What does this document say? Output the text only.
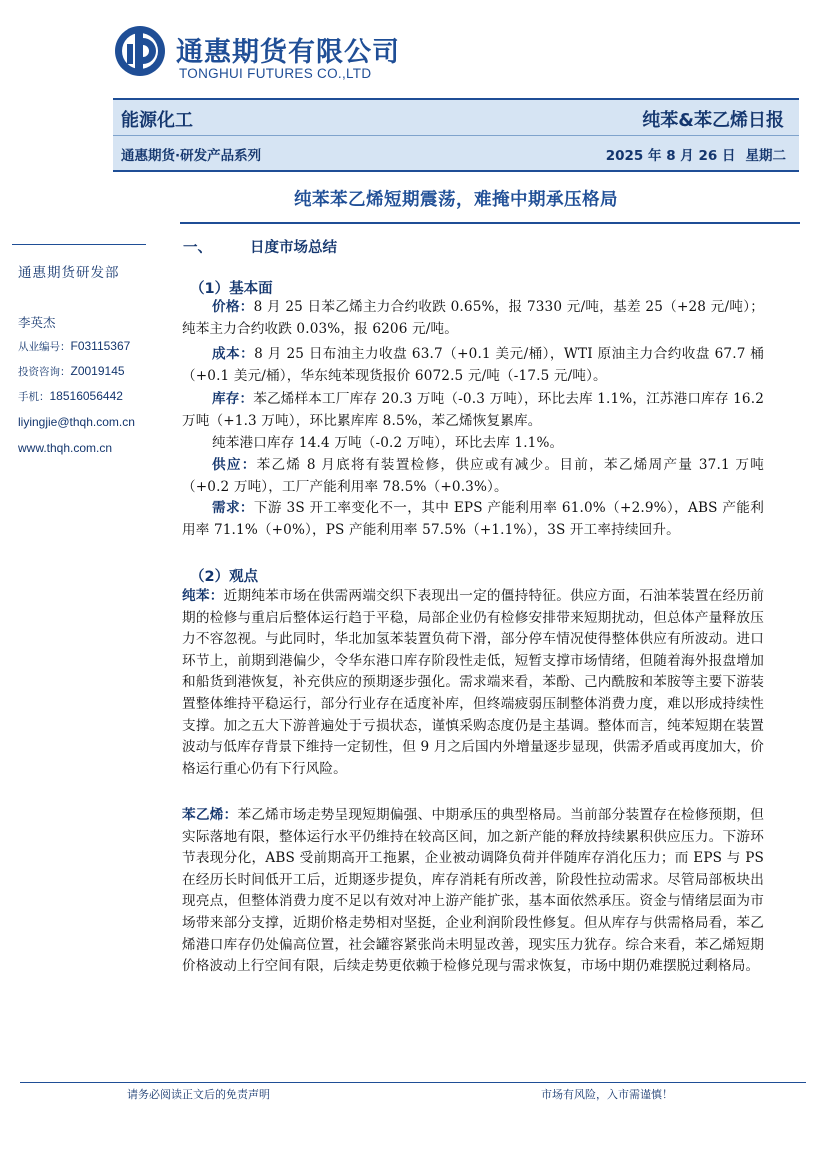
通惠期货有限公司
TONGHUI FUTURES CO.,LTD
能源化工	纯苯&苯乙烯日报
通惠期货·研发产品系列	2025 年 8 月 26 日 星期二
纯苯苯乙烯短期震荡，难掩中期承压格局
通惠期货研发部
李英杰
从业编号：F03115367
投资咨询：Z0019145
手机：18516056442
liyingjie@thqh.com.cn
www.thqh.com.cn
一、	日度市场总结
（1）基本面
价格：8 月 25 日苯乙烯主力合约收跌 0.65%，报 7330 元/吨，基差 25（+28 元/吨）；纯苯主力合约收跌 0.03%，报 6206 元/吨。
成本：8 月 25 日布油主力收盘 63.7（+0.1 美元/桶），WTI 原油主力合约收盘 67.7 桶（+0.1 美元/桶），华东纯苯现货报价 6072.5 元/吨（-17.5 元/吨）。
库存：苯乙烯样本工厂库存 20.3 万吨（-0.3 万吨），环比去库 1.1%，江苏港口库存 16.2 万吨（+1.3 万吨），环比累库库 8.5%，苯乙烯恢复累库。
纯苯港口库存 14.4 万吨（-0.2 万吨），环比去库 1.1%。
供应：苯乙烯 8 月底将有装置检修，供应或有减少。目前，苯乙烯周产量 37.1 万吨（+0.2 万吨），工厂产能利用率 78.5%（+0.3%）。
需求：下游 3S 开工率变化不一，其中 EPS 产能利用率 61.0%（+2.9%），ABS 产能利用率 71.1%（+0%），PS 产能利用率 57.5%（+1.1%），3S 开工率持续回升。
（2）观点
纯苯：近期纯苯市场在供需两端交织下表现出一定的僵持特征。供应方面，石油苯装置在经历前期的检修与重启后整体运行趋于平稳，局部企业仍有检修安排带来短期扰动，但总体产量释放压力不容忽视。与此同时，华北加氢苯装置负荷下滑，部分停车情况使得整体供应有所波动。进口环节上，前期到港偏少，令华东港口库存阶段性走低，短暂支撑市场情绪，但随着海外报盘增加和船货到港恢复，补充供应的预期逐步强化。需求端来看，苯酚、己内酰胺和苯胺等主要下游装置整体维持平稳运行，部分行业存在适度补库，但终端疲弱压制整体消费力度，难以形成持续性支撑。加之五大下游普遍处于亏损状态，谨慎采购态度仍是主基调。整体而言，纯苯短期在装置波动与低库存背景下维持一定韧性，但 9 月之后国内外增量逐步显现，供需矛盾或再度加大，价格运行重心仍有下行风险。
苯乙烯：苯乙烯市场走势呈现短期偏强、中期承压的典型格局。当前部分装置存在检修预期，但实际落地有限，整体运行水平仍维持在较高区间，加之新产能的释放持续累积供应压力。下游环节表现分化，ABS 受前期高开工拖累，企业被动调降负荷并伴随库存消化压力；而 EPS 与 PS 在经历长时间低开工后，近期逐步提负，库存消耗有所改善，阶段性拉动需求。尽管局部板块出现亮点，但整体消费力度不足以有效对冲上游产能扩张，基本面依然承压。资金与情绪层面为市场带来部分支撑，近期价格走势相对坚挺，企业利润阶段性修复。但从库存与供需格局看，苯乙烯港口库存仍处偏高位置，社会罐容紧张尚未明显改善，现实压力犹存。综合来看，苯乙烯短期价格波动上行空间有限，后续走势更依赖于检修兑现与需求恢复，市场中期仍难摆脱过剩格局。
请务必阅读正文后的免责声明	市场有风险，入市需谨慎！
